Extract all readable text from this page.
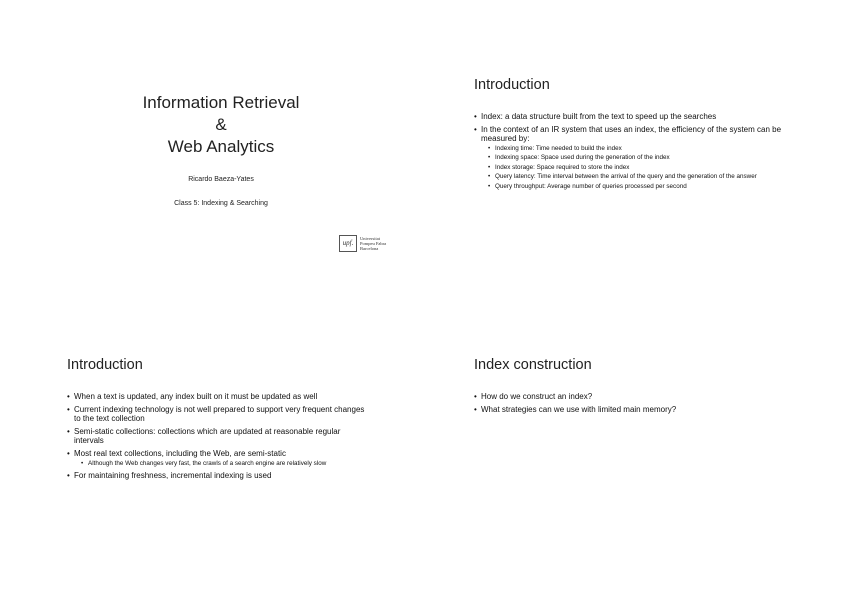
Information Retrieval
&
Web Analytics
Ricardo Baeza-Yates
Class 5: Indexing & Searching
upf.
Universitat
Pompeu Fabra
Barcelona
Introduction
• Index: a data structure built from the text to speed up the searches
• In the context of an IR system that uses an index, the efficiency of the system can be measured by:
• Indexing time: Time needed to build the index
• Indexing space: Space used during the generation of the index
• Index storage: Space required to store the index
• Query latency: Time interval between the arrival of the query and the generation of the answer
• Query throughput: Average number of queries processed per second
Introduction
• When a text is updated, any index built on it must be updated as well
• Current indexing technology is not well prepared to support very frequent changes to the text collection
• Semi-static collections: collections which are updated at reasonable regular intervals
• Most real text collections, including the Web, are semi-static
• Although the Web changes very fast, the crawls of a search engine are relatively slow
• For maintaining freshness, incremental indexing is used
Index construction
• How do we construct an index?
• What strategies can we use with limited main memory?
